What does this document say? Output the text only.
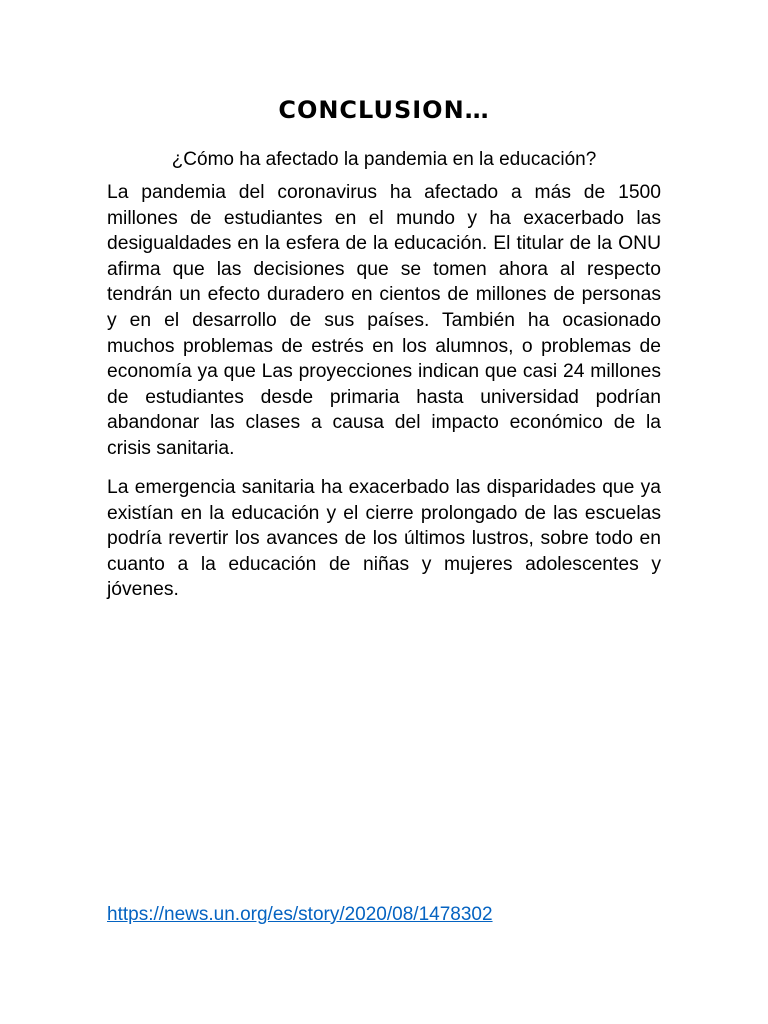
CONCLUSION…

¿Cómo ha afectado la pandemia en la educación?

La pandemia del coronavirus ha afectado a más de 1500 millones de estudiantes en el mundo y ha exacerbado las desigualdades en la esfera de la educación. El titular de la ONU afirma que las decisiones que se tomen ahora al respecto tendrán un efecto duradero en cientos de millones de personas y en el desarrollo de sus países. También ha ocasionado muchos problemas de estrés en los alumnos, o problemas de economía ya que Las proyecciones indican que casi 24 millones de estudiantes desde primaria hasta universidad podrían abandonar las clases a causa del impacto económico de la crisis sanitaria.

La emergencia sanitaria ha exacerbado las disparidades que ya existían en la educación y el cierre prolongado de las escuelas podría revertir los avances de los últimos lustros, sobre todo en cuanto a la educación de niñas y mujeres adolescentes y jóvenes.

https://news.un.org/es/story/2020/08/1478302
